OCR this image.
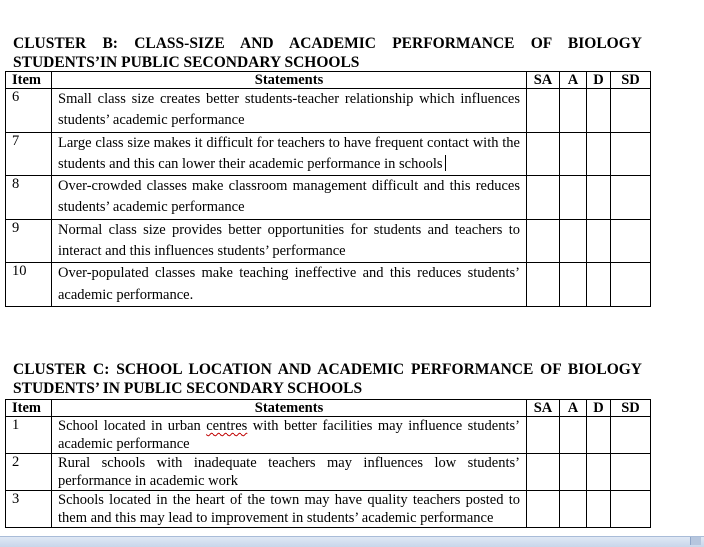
CLUSTER B: CLASS-SIZE AND ACADEMIC PERFORMANCE OF BIOLOGY
STUDENTS’IN PUBLIC SECONDARY SCHOOLS
Item	Statements	SA	A	D	SD
6	Small class size creates better students-teacher relationship which influences students’ academic performance				
7	Large class size makes it difficult for teachers to have frequent contact with the students and this can lower their academic performance in schools				
8	Over-crowded classes make classroom management difficult and this reduces students’ academic performance				
9	Normal class size provides better opportunities for students and teachers to interact and this influences students’ performance				
10	Over-populated classes make teaching ineffective and this reduces students’ academic performance.				
CLUSTER C: SCHOOL LOCATION AND ACADEMIC PERFORMANCE OF BIOLOGY
STUDENTS’ IN PUBLIC SECONDARY SCHOOLS
Item	Statements	SA	A	D	SD
1	School located in urban centres with better facilities may influence students’ academic performance				
2	Rural schools with inadequate teachers may influences low students’ performance in academic work				
3	Schools located in the heart of the town may have quality teachers posted to them and this may lead to improvement in students’ academic performance				
